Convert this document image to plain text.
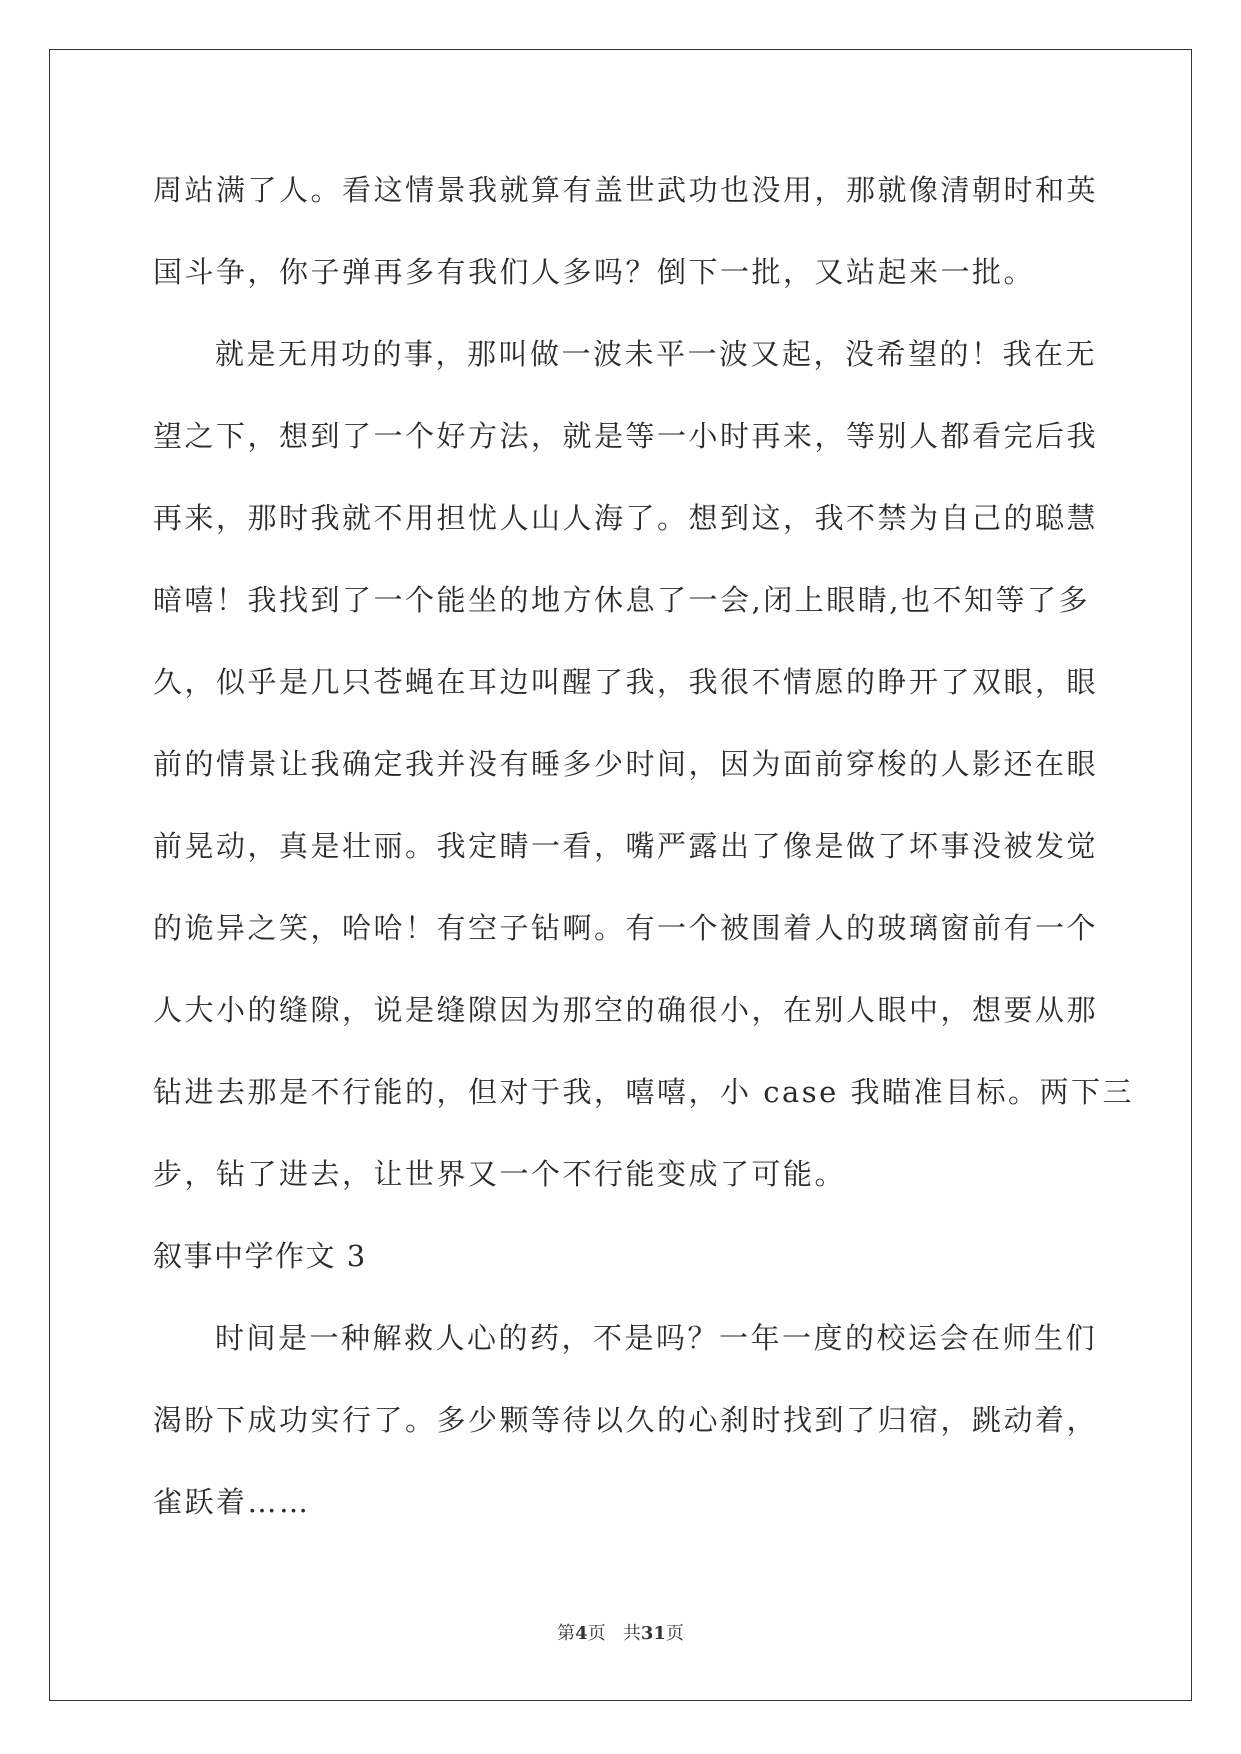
周站满了人。看这情景我就算有盖世武功也没用，那就像清朝时和英
国斗争，你子弹再多有我们人多吗？倒下一批，又站起来一批。
就是无用功的事，那叫做一波未平一波又起，没希望的！我在无
望之下，想到了一个好方法，就是等一小时再来，等别人都看完后我
再来，那时我就不用担忧人山人海了。想到这，我不禁为自己的聪慧
暗嘻！我找到了一个能坐的地方休息了一会,闭上眼睛,也不知等了多
久，似乎是几只苍蝇在耳边叫醒了我，我很不情愿的睁开了双眼，眼
前的情景让我确定我并没有睡多少时间，因为面前穿梭的人影还在眼
前晃动，真是壮丽。我定睛一看，嘴严露出了像是做了坏事没被发觉
的诡异之笑，哈哈！有空子钻啊。有一个被围着人的玻璃窗前有一个
人大小的缝隙，说是缝隙因为那空的确很小，在别人眼中，想要从那
钻进去那是不行能的，但对于我，嘻嘻，小 case 我瞄准目标。两下三
步，钻了进去，让世界又一个不行能变成了可能。
叙事中学作文 3
时间是一种解救人心的药，不是吗？一年一度的校运会在师生们
渴盼下成功实行了。多少颗等待以久的心刹时找到了归宿，跳动着，
雀跃着……
第4页 共31页
